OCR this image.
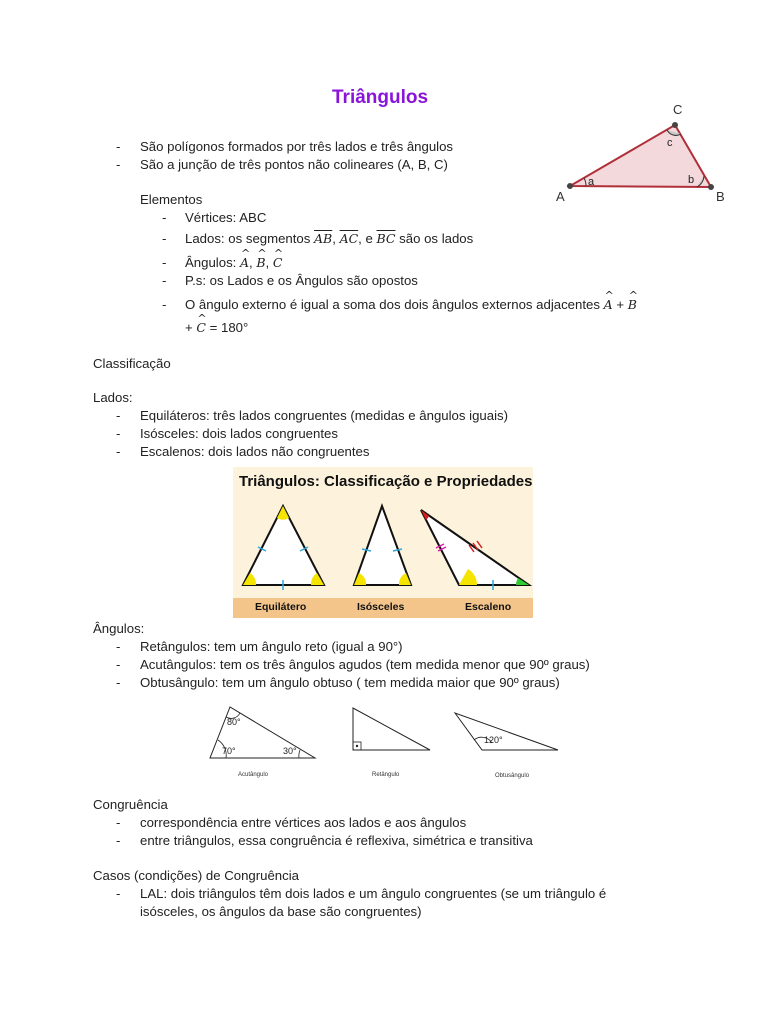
Triângulos
A	B
C
a	b
c
- São polígonos formados por três lados e três ângulos
- São a junção de três pontos não colineares (A, B, C)
Elementos
- Vértices: ABC
- Lados: os segmentos $\overline{AB}$, $\overline{AC}$, e $\overline{BC}$ são os lados
- Ângulos: ^ A, ^ B, ^ C
- P.s: os Lados e os Ângulos são opostos
- O ângulo externo é igual a soma dos dois ângulos externos adjacentes ^ A + ^ B
+ ^ C = 180°
Classificação
Lados:
- Equiláteros: três lados congruentes (medidas e ângulos iguais)
- Isósceles: dois lados congruentes
- Escalenos: dois lados não congruentes
Triângulos: Classificação e Propriedades
Equilátero	Isósceles	Escaleno
Ângulos:
- Retângulos: tem um ângulo reto (igual a 90°)
- Acutângulos: tem os três ângulos agudos (tem medida menor que 90º graus)
- Obtusângulo: tem um ângulo obtuso ( tem medida maior que 90º graus)
80°
70°	30°
120°
Acutângulo	Retângulo	Obtusângulo
Congruência
- correspondência entre vértices aos lados e aos ângulos
- entre triângulos, essa congruência é reflexiva, simétrica e transitiva
Casos (condições) de Congruência
- LAL: dois triângulos têm dois lados e um ângulo congruentes (se um triângulo é
isósceles, os ângulos da base são congruentes)
